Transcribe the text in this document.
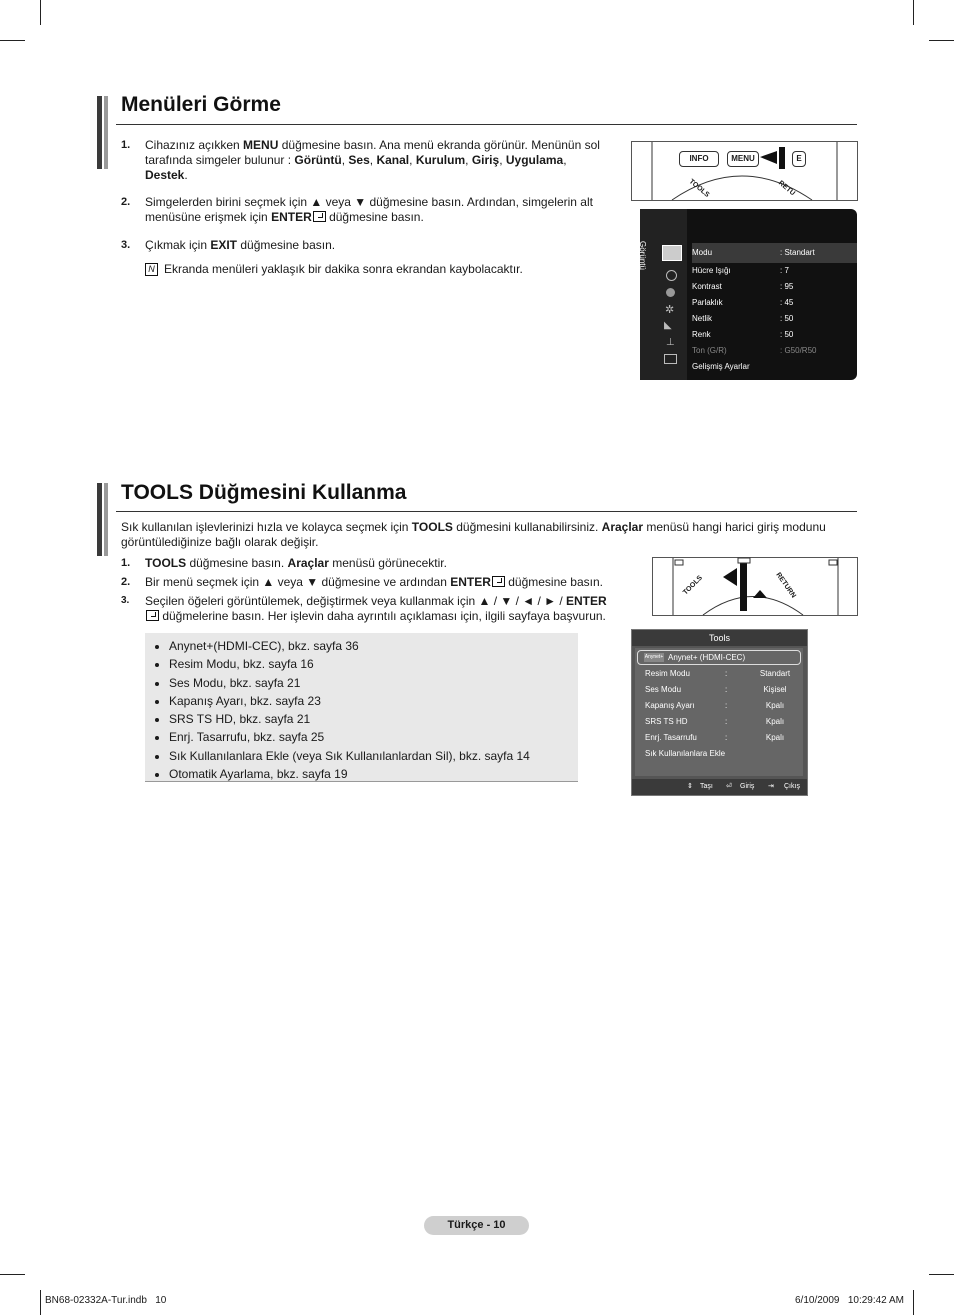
Menüleri Görme
1. Cihazınız açıkken MENU düğmesine basın. Ana menü ekranda görünür. Menünün sol tarafında simgeler bulunur : Görüntü, Ses, Kanal, Kurulum, Giriş, Uygulama, Destek.
2. Simgelerden birini seçmek için ▲ veya ▼ düğmesine basın. Ardından, simgelerin alt menüsüne erişmek için ENTER düğmesine basın.
3. Çıkmak için EXIT düğmesine basın.
N Ekranda menüleri yaklaşık bir dakika sonra ekrandan kaybolacaktır.
INFO	MENU	E
TOOLS	RETU
Görüntü
✲
◣
⊥
Modu	: Standart
Hücre Işığı	: 7
Kontrast	: 95
Parlaklık	: 45
Netlik	: 50
Renk	: 50
Ton (G/R)	: G50/R50
Gelişmiş Ayarlar
TOOLS Düğmesini Kullanma
Sık kullanılan işlevlerinizi hızla ve kolayca seçmek için TOOLS düğmesini kullanabilirsiniz. Araçlar menüsü hangi harici giriş modunu görüntülediğinize bağlı olarak değişir.
1. TOOLS düğmesine basın. Araçlar menüsü görünecektir.
2. Bir menü seçmek için ▲ veya ▼ düğmesine ve ardından ENTER düğmesine basın.
3. Seçilen öğeleri görüntülemek, değiştirmek veya kullanmak için ▲ / ▼ / ◄ / ► / ENTER düğmelerine basın. Her işlevin daha ayrıntılı açıklaması için, ilgili sayfaya başvurun.
• Anynet+(HDMI-CEC), bkz. sayfa 36
• Resim Modu, bkz. sayfa 16
• Ses Modu, bkz. sayfa 21
• Kapanış Ayarı, bkz. sayfa 23
• SRS TS HD, bkz. sayfa 21
• Enrj. Tasarrufu, bkz. sayfa 25
• Sık Kullanılanlara Ekle (veya Sık Kullanılanlardan Sil), bkz. sayfa 14
• Otomatik Ayarlama, bkz. sayfa 19
TOOLS	RETURN
Tools
Anynet+ Anynet+ (HDMI-CEC)
Resim Modu	:	Standart
Ses Modu	:	Kişisel
Kapanış Ayarı	:	Kpalı
SRS TS HD	:	Kpalı
Enrj. Tasarrufu	:	Kpalı
Sık Kullanılanlara Ekle
⇕ Taşı ⏎ Giriş ⇥ Çıkış
Türkçe - 10
BN68-02332A-Tur.indb   10	6/10/2009   10:29:42 AM
